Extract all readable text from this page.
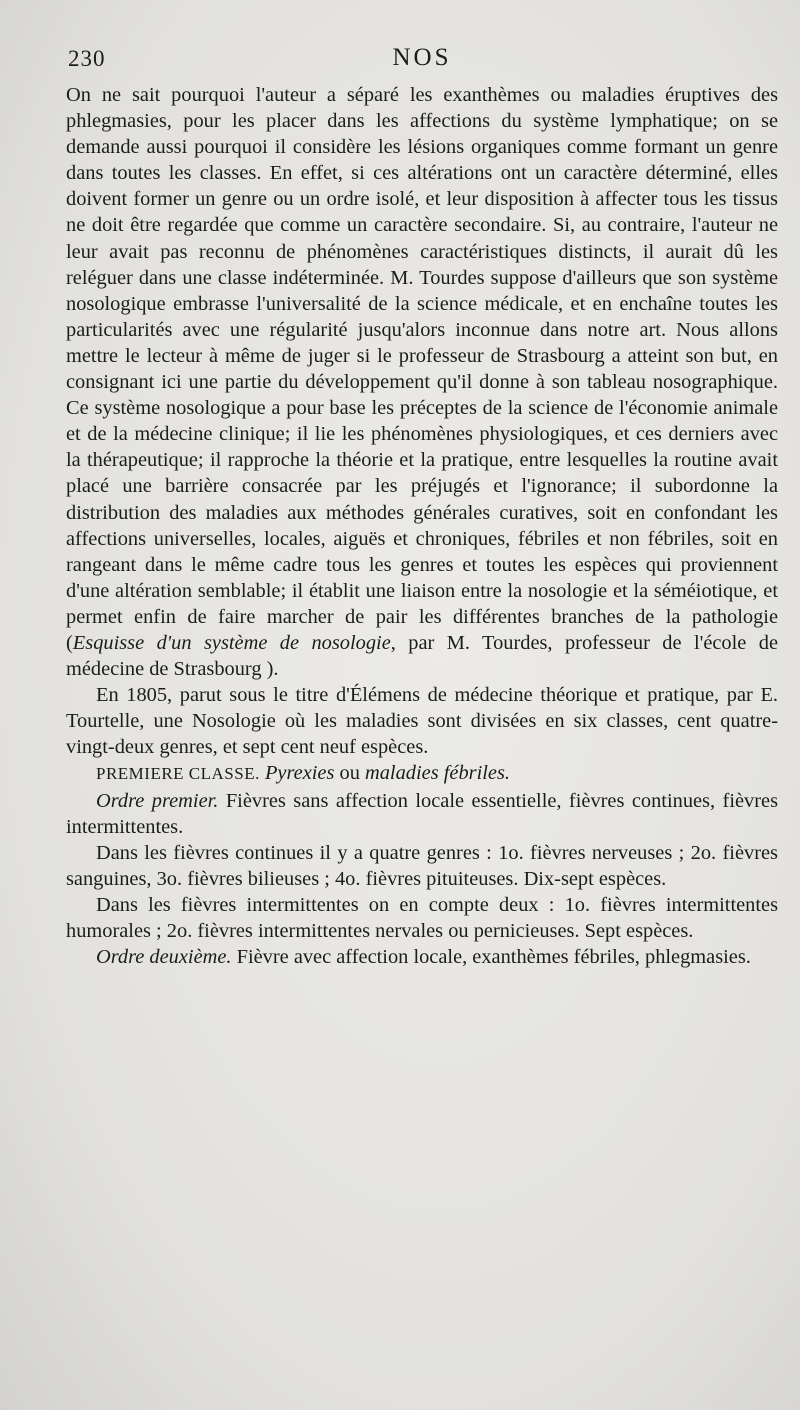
230	NOS

On ne sait pourquoi l'auteur a séparé les exanthèmes ou maladies éruptives des phlegmasies, pour les placer dans les affections du système lymphatique; on se demande aussi pourquoi il considère les lésions organiques comme formant un genre dans toutes les classes. En effet, si ces altérations ont un caractère déterminé, elles doivent former un genre ou un ordre isolé, et leur disposition à affecter tous les tissus ne doit être regardée que comme un caractère secondaire. Si, au contraire, l'auteur ne leur avait pas reconnu de phénomènes caractéristiques distincts, il aurait dû les reléguer dans une classe indéterminée. M. Tourdes suppose d'ailleurs que son système nosologique embrasse l'universalité de la science médicale, et en enchaîne toutes les particularités avec une régularité jusqu'alors inconnue dans notre art. Nous allons mettre le lecteur à même de juger si le professeur de Strasbourg a atteint son but, en consignant ici une partie du développement qu'il donne à son tableau nosographique. Ce système nosologique a pour base les préceptes de la science de l'économie animale et de la médecine clinique; il lie les phénomènes physiologiques, et ces derniers avec la thérapeutique; il rapproche la théorie et la pratique, entre lesquelles la routine avait placé une barrière consacrée par les préjugés et l'ignorance; il subordonne la distribution des maladies aux méthodes générales curatives, soit en confondant les affections universelles, locales, aiguës et chroniques, fébriles et non fébriles, soit en rangeant dans le même cadre tous les genres et toutes les espèces qui proviennent d'une altération semblable; il établit une liaison entre la nosologie et la séméiotique, et permet enfin de faire marcher de pair les différentes branches de la pathologie (Esquisse d'un système de nosologie, par M. Tourdes, professeur de l'école de médecine de Strasbourg ).

En 1805, parut sous le titre d'Élémens de médecine théorique et pratique, par E. Tourtelle, une Nosologie où les maladies sont divisées en six classes, cent quatre-vingt-deux genres, et sept cent neuf espèces.

PREMIERE CLASSE. Pyrexies ou maladies fébriles.

Ordre premier. Fièvres sans affection locale essentielle, fièvres continues, fièvres intermittentes.

Dans les fièvres continues il y a quatre genres : 1o. fièvres nerveuses ; 2o. fièvres sanguines, 3o. fièvres bilieuses ; 4o. fièvres pituiteuses. Dix-sept espèces.

Dans les fièvres intermittentes on en compte deux : 1o. fièvres intermittentes humorales ; 2o. fièvres intermittentes nervales ou pernicieuses. Sept espèces.

Ordre deuxième. Fièvre avec affection locale, exanthèmes fébriles, phlegmasies.
